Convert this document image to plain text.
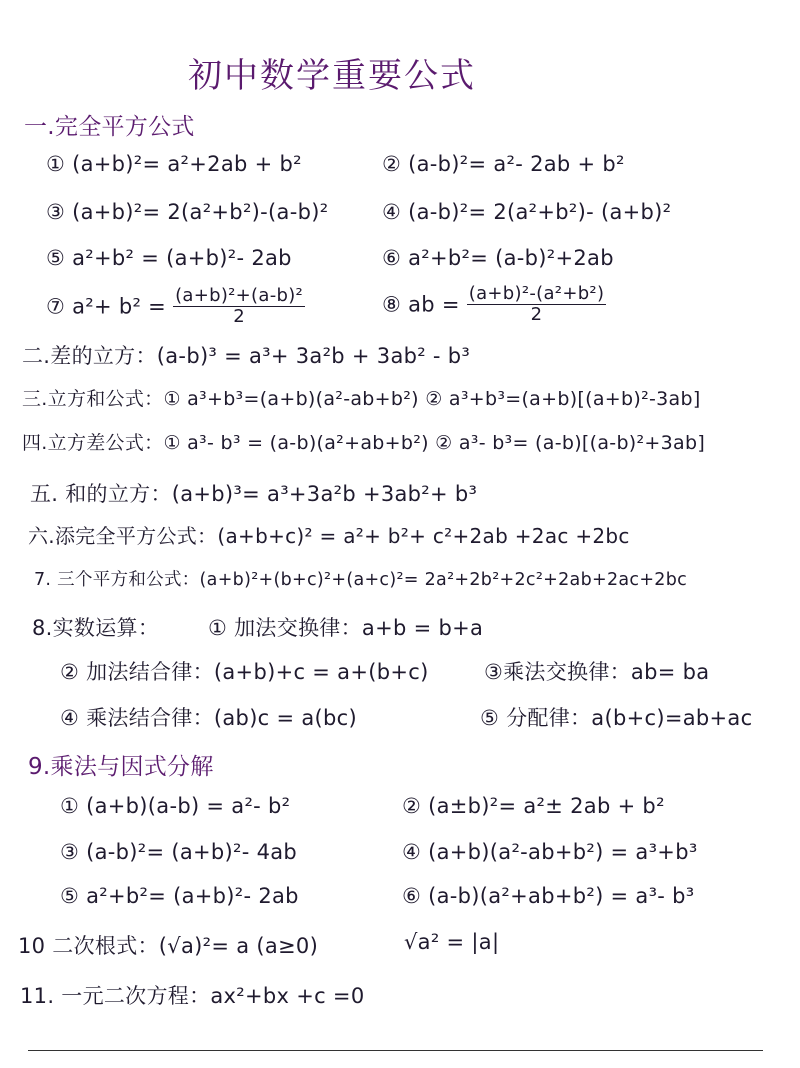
初中数学重要公式
一.完全平方公式
① (a+b)²= a²+2ab + b²	② (a-b)²= a²- 2ab + b²
③ (a+b)²= 2(a²+b²)-(a-b)²	④ (a-b)²= 2(a²+b²)- (a+b)²
⑤ a²+b² = (a+b)²- 2ab	⑥ a²+b²= (a-b)²+2ab
⑦ $a^2+ b^2 = \frac{\text{(a+b)²+(a-b)²}}{2}$	⑧ ab = $\frac{\text{(a+b)²-(a²+b²)}}{2}$
二.差的立方：(a-b)³ = a³+ 3a²b + 3ab² - b³
三.立方和公式：① a³+b³=(a+b)(a²-ab+b²) ② a³+b³=(a+b)[(a+b)²-3ab]
四.立方差公式：① a³- b³ = (a-b)(a²+ab+b²) ② a³- b³= (a-b)[(a-b)²+3ab]
五. 和的立方：(a+b)³= a³+3a²b +3ab²+ b³
六.添完全平方公式：(a+b+c)² = a²+ b²+ c²+2ab +2ac +2bc
7. 三个平方和公式：(a+b)²+(b+c)²+(a+c)²= 2a²+2b²+2c²+2ab+2ac+2bc
8.实数运算： ① 加法交换律：a+b = b+a
② 加法结合律：(a+b)+c = a+(b+c)	③乘法交换律：ab= ba
④ 乘法结合律：(ab)c = a(bc)	⑤ 分配律：a(b+c)=ab+ac
9.乘法与因式分解
① (a+b)(a-b) = a²- b²	② (a±b)²= a²± 2ab + b²
③ (a-b)²= (a+b)²- 4ab	④ (a+b)(a²-ab+b²) = a³+b³
⑤ a²+b²= (a+b)²- 2ab	⑥ (a-b)(a²+ab+b²) = a³- b³
10 二次根式：(√a)²= a (a≥0)	√a² = |a|
11. 一元二次方程：ax²+bx +c =0
